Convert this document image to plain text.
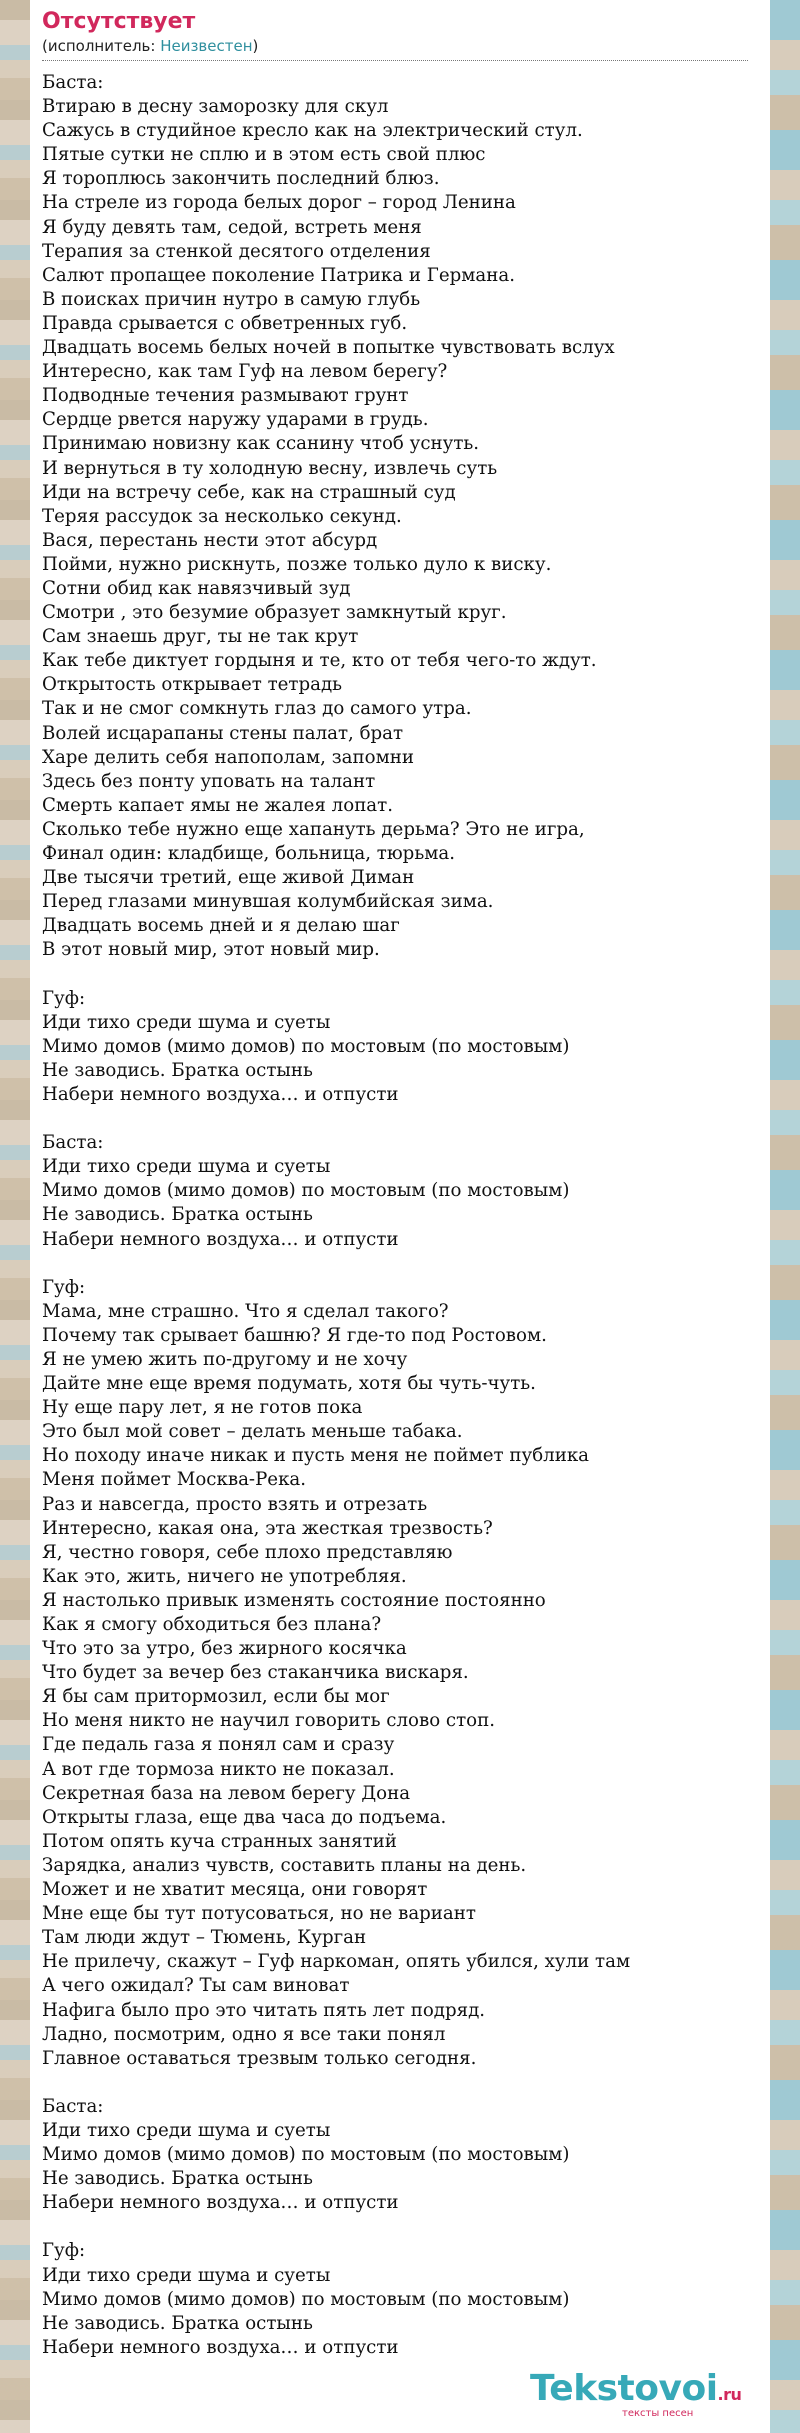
Отсутствует
(исполнитель: Неизвестен)
Баста:
Втираю в десну заморозку для скул
Сажусь в студийное кресло как на электрический стул.
Пятые сутки не сплю и в этом есть свой плюс
Я тороплюсь закончить последний блюз.
На стреле из города белых дорог – город Ленина
Я буду девять там, седой, встреть меня
Терапия за стенкой десятого отделения
Салют пропащее поколение Патрика и Германа.
В поисках причин нутро в самую глубь
Правда срывается с обветренных губ.
Двадцать восемь белых ночей в попытке чувствовать вслух
Интересно, как там Гуф на левом берегу?
Подводные течения размывают грунт
Сердце рвется наружу ударами в грудь.
Принимаю новизну как ссанину чтоб уснуть.
И вернуться в ту холодную весну, извлечь суть
Иди на встречу себе, как на страшный суд
Теряя рассудок за несколько секунд.
Вася, перестань нести этот абсурд
Пойми, нужно рискнуть, позже только дуло к виску.
Сотни обид как навязчивый зуд
Смотри , это безумие образует замкнутый круг.
Сам знаешь друг, ты не так крут
Как тебе диктует гордыня и те, кто от тебя чего-то ждут.
Открытость открывает тетрадь
Так и не смог сомкнуть глаз до самого утра.
Волей исцарапаны стены палат, брат
Харе делить себя напополам, запомни
Здесь без понту уповать на талант
Смерть капает ямы не жалея лопат.
Сколько тебе нужно еще хапануть дерьма? Это не игра,
Финал один: кладбище, больница, тюрьма.
Две тысячи третий, еще живой Диман
Перед глазами минувшая колумбийская зима.
Двадцать восемь дней и я делаю шаг
В этот новый мир, этот новый мир.
Гуф:
Иди тихо среди шума и суеты
Мимо домов (мимо домов) по мостовым (по мостовым)
Не заводись. Братка остынь
Набери немного воздуха… и отпусти
Баста:
Иди тихо среди шума и суеты
Мимо домов (мимо домов) по мостовым (по мостовым)
Не заводись. Братка остынь
Набери немного воздуха… и отпусти
Гуф:
Мама, мне страшно. Что я сделал такого?
Почему так срывает башню? Я где-то под Ростовом.
Я не умею жить по-другому и не хочу
Дайте мне еще время подумать, хотя бы чуть-чуть.
Ну еще пару лет, я не готов пока
Это был мой совет – делать меньше табака.
Но походу иначе никак и пусть меня не поймет публика
Меня поймет Москва-Река.
Раз и навсегда, просто взять и отрезать
Интересно, какая она, эта жесткая трезвость?
Я, честно говоря, себе плохо представляю
Как это, жить, ничего не употребляя.
Я настолько привык изменять состояние постоянно
Как я смогу обходиться без плана?
Что это за утро, без жирного косячка
Что будет за вечер без стаканчика вискаря.
Я бы сам притормозил, если бы мог
Но меня никто не научил говорить слово стоп.
Где педаль газа я понял сам и сразу
А вот где тормоза никто не показал.
Секретная база на левом берегу Дона
Открыты глаза, еще два часа до подъема.
Потом опять куча странных занятий
Зарядка, анализ чувств, составить планы на день.
Может и не хватит месяца, они говорят
Мне еще бы тут потусоваться, но не вариант
Там люди ждут – Тюмень, Курган
Не прилечу, скажут – Гуф наркоман, опять убился, хули там
А чего ожидал? Ты сам виноват
Нафига было про это читать пять лет подряд.
Ладно, посмотрим, одно я все таки понял
Главное оставаться трезвым только сегодня.
Баста:
Иди тихо среди шума и суеты
Мимо домов (мимо домов) по мостовым (по мостовым)
Не заводись. Братка остынь
Набери немного воздуха… и отпусти
Гуф:
Иди тихо среди шума и суеты
Мимо домов (мимо домов) по мостовым (по мостовым)
Не заводись. Братка остынь
Набери немного воздуха… и отпусти
Tekstovoi.ru
тексты песен
